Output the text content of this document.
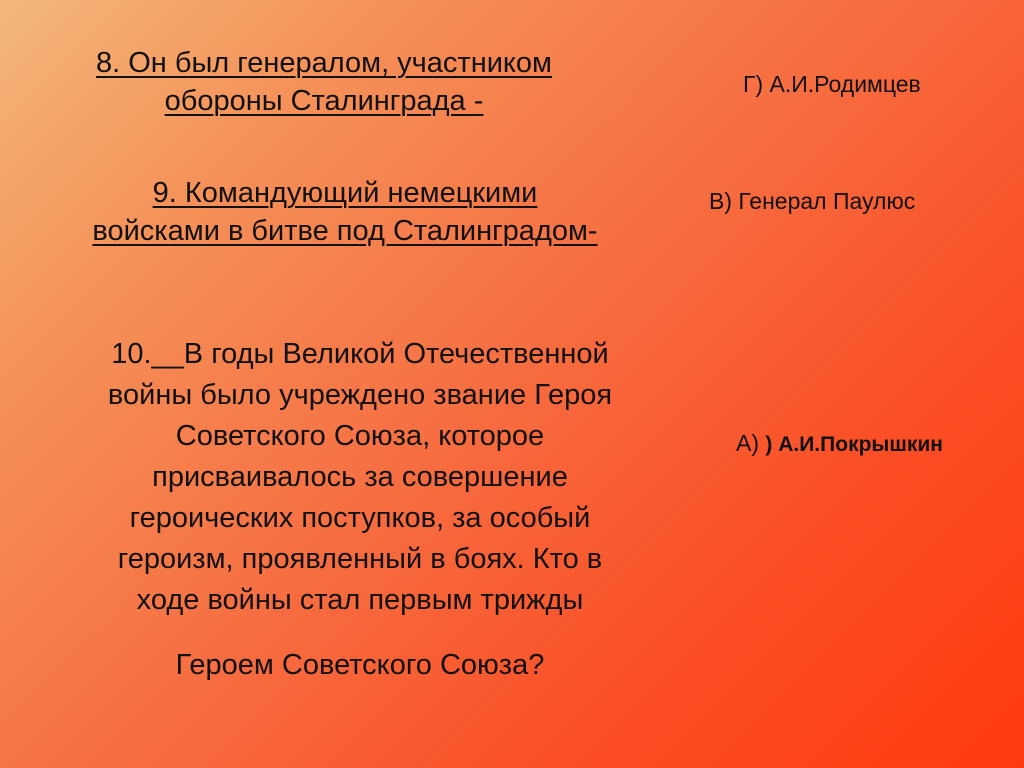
8. Он был генералом, участником
обороны Сталинграда -
9. Командующий немецкими
войсками в битве под Сталинградом-
10.__В годы Великой Отечественной
войны было учреждено звание Героя
Советского Союза, которое
присваивалось за совершение
героических поступков, за особый
героизм, проявленный в боях. Кто в
ходе войны стал первым трижды
Героем Советского Союза?
Г) А.И.Родимцев
В) Генерал Паулюс
А) ) А.И.Покрышкин
